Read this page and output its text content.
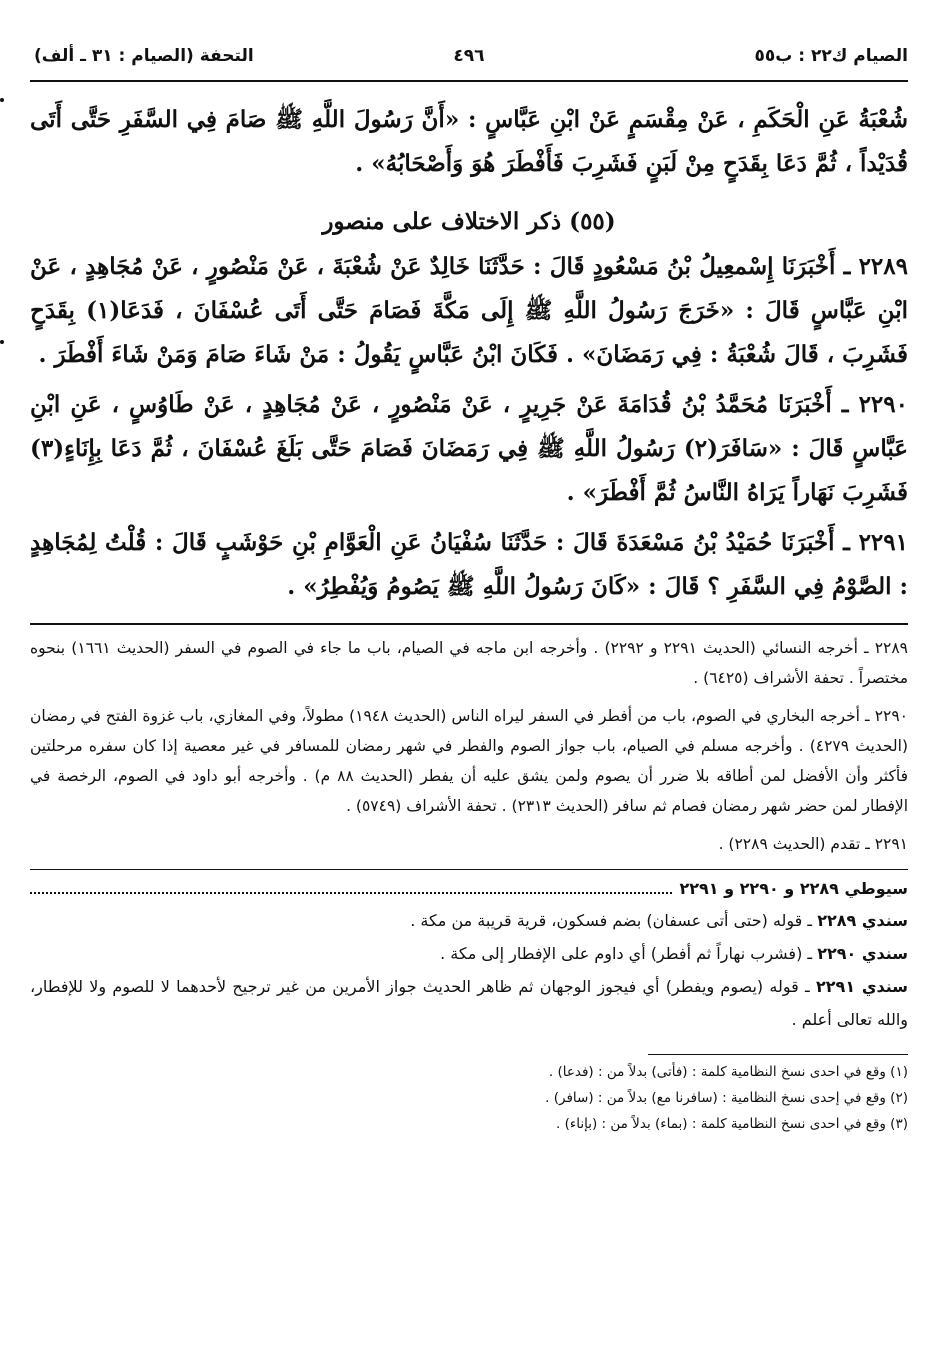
الصيام ك٢٢ : ب٥٥
٤٩٦
التحفة (الصيام : ٣١ ـ ألف)

شُعْبَةُ عَنِ الْحَكَمِ ، عَنْ مِقْسَمٍ عَنْ ابْنِ عَبَّاسٍ : «أَنَّ رَسُولَ اللَّهِ ﷺ صَامَ فِي السَّفَرِ حَتَّى أَتَى قُدَيْداً ، ثُمَّ دَعَا بِقَدَحٍ مِنْ لَبَنٍ فَشَرِبَ فَأَفْطَرَ هُوَ وَأَصْحَابُهُ» .

(٥٥) ذكر الاختلاف على منصور

٢٢٨٩ ـ أَخْبَرَنَا إِسْمعِيلُ بْنُ مَسْعُودٍ قَالَ : حَدَّثَنَا خَالِدٌ عَنْ شُعْبَةَ ، عَنْ مَنْصُورٍ ، عَنْ مُجَاهِدٍ ، عَنْ ابْنِ عَبَّاسٍ قَالَ : «خَرَجَ رَسُولُ اللَّهِ ﷺ إِلَى مَكَّةَ فَصَامَ حَتَّى أَتَى عُسْفَانَ ، فَدَعَا(١) بِقَدَحٍ فَشَرِبَ ، قَالَ شُعْبَةُ : فِي رَمَضَانَ» . فَكَانَ ابْنُ عَبَّاسٍ يَقُولُ : مَنْ شَاءَ صَامَ وَمَنْ شَاءَ أَفْطَرَ .

٢٢٩٠ ـ أَخْبَرَنَا مُحَمَّدُ بْنُ قُدَامَةَ عَنْ جَرِيرٍ ، عَنْ مَنْصُورٍ ، عَنْ مُجَاهِدٍ ، عَنْ طَاوُسٍ ، عَنِ ابْنِ عَبَّاسٍ قَالَ : «سَافَرَ(٢) رَسُولُ اللَّهِ ﷺ فِي رَمَضَانَ فَصَامَ حَتَّى بَلَغَ عُسْفَانَ ، ثُمَّ دَعَا بِإِنَاءٍ(٣) فَشَرِبَ نَهَاراً يَرَاهُ النَّاسُ ثُمَّ أَفْطَرَ» .

٢٢٩١ ـ أَخْبَرَنَا حُمَيْدُ بْنُ مَسْعَدَةَ قَالَ : حَدَّثَنَا سُفْيَانُ عَنِ الْعَوَّامِ بْنِ حَوْشَبٍ قَالَ : قُلْتُ لِمُجَاهِدٍ : الصَّوْمُ فِي السَّفَرِ ؟ قَالَ : «كَانَ رَسُولُ اللَّهِ ﷺ يَصُومُ وَيُفْطِرُ» .

٢٢٨٩ ـ أخرجه النسائي (الحديث ٢٢٩١ و ٢٢٩٢) . وأخرجه ابن ماجه في الصيام، باب ما جاء في الصوم في السفر (الحديث ١٦٦١) بنحوه مختصراً . تحفة الأشراف (٦٤٢٥) .

٢٢٩٠ ـ أخرجه البخاري في الصوم، باب من أفطر في السفر ليراه الناس (الحديث ١٩٤٨) مطولاً، وفي المغازي، باب غزوة الفتح في رمضان (الحديث ٤٢٧٩) . وأخرجه مسلم في الصيام، باب جواز الصوم والفطر في شهر رمضان للمسافر في غير معصية إذا كان سفره مرحلتين فأكثر وأن الأفضل لمن أطاقه بلا ضرر أن يصوم ولمن يشق عليه أن يفطر (الحديث ٨٨ م) . وأخرجه أبو داود في الصوم، الرخصة في الإفطار لمن حضر شهر رمضان فصام ثم سافر (الحديث ٢٣١٣) . تحفة الأشراف (٥٧٤٩) .

٢٢٩١ ـ تقدم (الحديث ٢٢٨٩) .

سيوطي ٢٢٨٩ و ٢٢٩٠ و ٢٢٩١

سندي ٢٢٨٩ ـ قوله (حتى أتى عسفان) بضم فسكون، قرية قريبة من مكة .

سندي ٢٢٩٠ ـ (فشرب نهاراً ثم أفطر) أي داوم على الإفطار إلى مكة .

سندي ٢٢٩١ ـ قوله (يصوم ويفطر) أي فيجوز الوجهان ثم ظاهر الحديث جواز الأمرين من غير ترجيح لأحدهما لا للصوم ولا للإفطار، والله تعالى أعلم .

(١) وقع في احدى نسخ النظامية كلمة : (فأتى) بدلاً من : (فدعا) .

(٢) وقع في إحدى نسخ النظامية : (سافرنا مع) بدلاً من : (سافر) .

(٣) وقع في احدى نسخ النظامية كلمة : (بماء) بدلاً من : (بإناء) .
